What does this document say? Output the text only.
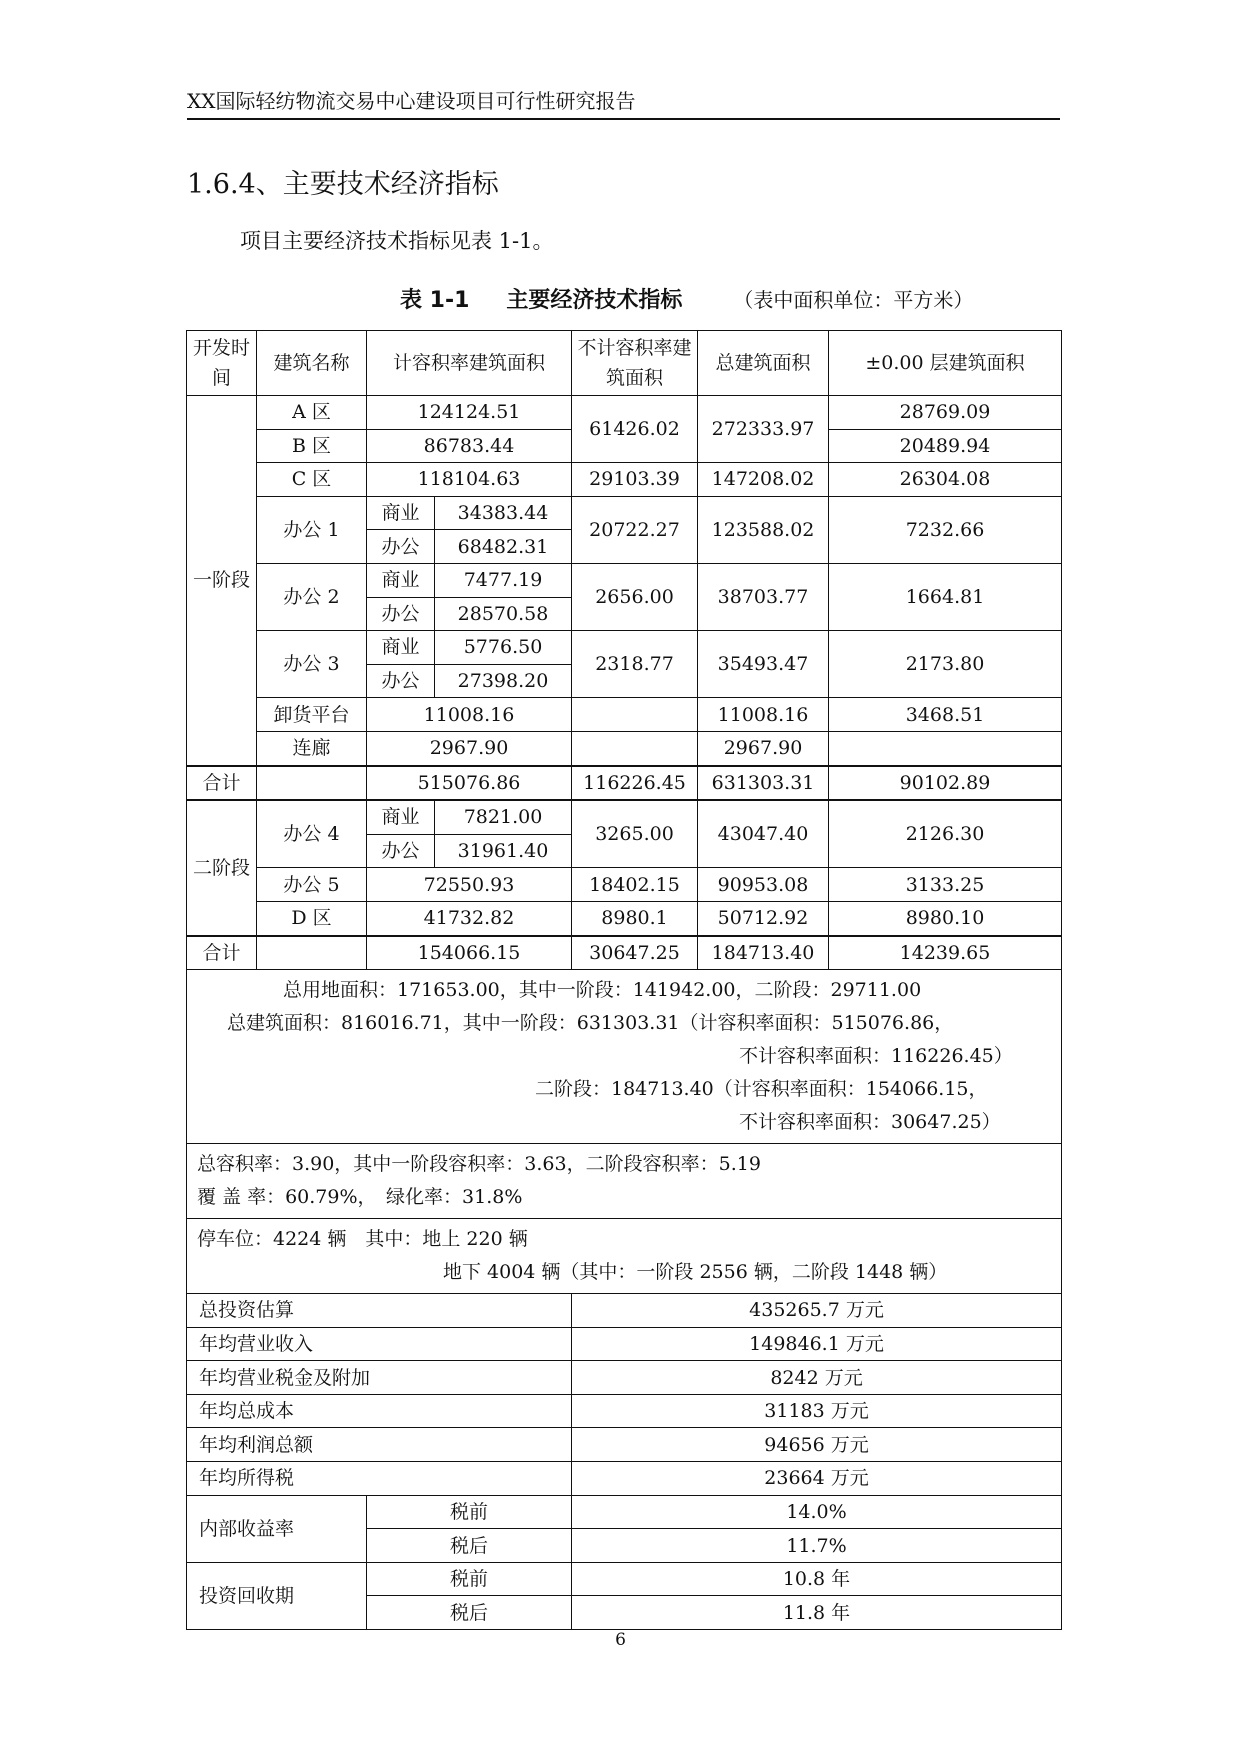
XX国际轻纺物流交易中心建设项目可行性研究报告
1.6.4、主要技术经济指标
项目主要经济技术指标见表 1-1。
表 1-1 主要经济技术指标	（表中面积单位：平方米）
开发时间	建筑名称	计容积率建筑面积		不计容积率建筑面积	总建筑面积	±0.00 层建筑面积
一阶段	A 区	124124.51		61426.02	272333.97	28769.09
	B 区	86783.44				20489.94
	C 区	118104.63		29103.39	147208.02	26304.08
	办公 1	商业	34383.44	20722.27	123588.02	7232.66
		办公	68482.31			
	办公 2	商业	7477.19	2656.00	38703.77	1664.81
		办公	28570.58			
	办公 3	商业	5776.50	2318.77	35493.47	2173.80
		办公	27398.20			
	卸货平台	11008.16			11008.16	3468.51
	连廊	2967.90			2967.90	
合计		515076.86		116226.45	631303.31	90102.89
二阶段	办公 4	商业	7821.00	3265.00	43047.40	2126.30
		办公	31961.40			
	办公 5	72550.93		18402.15	90953.08	3133.25
	D 区	41732.82		8980.1	50712.92	8980.10
合计		154066.15		30647.25	184713.40	14239.65

总用地面积：171653.00，其中一阶段：141942.00，二阶段：29711.00
总建筑面积：816016.71，其中一阶段：631303.31（计容积率面积：515076.86，
不计容积率面积：116226.45）
二阶段：184713.40（计容积率面积：154066.15，
不计容积率面积：30647.25）						

总容积率：3.90，其中一阶段容积率：3.63，二阶段容积率：5.19
覆 盖 率：60.79%，　绿化率：31.8%						

停车位：4224 辆　其中：地上 220 辆
地下 4004 辆（其中：一阶段 2556 辆，二阶段 1448 辆）						

总投资估算				435265.7 万元		
年均营业收入				149846.1 万元		
年均营业税金及附加				8242 万元		
年均总成本				31183 万元		
年均利润总额				94656 万元		
年均所得税				23664 万元		
内部收益率		税前		14.0%		
		税后		11.7%		
投资回收期		税前		10.8 年		
		税后		11.8 年		
6
